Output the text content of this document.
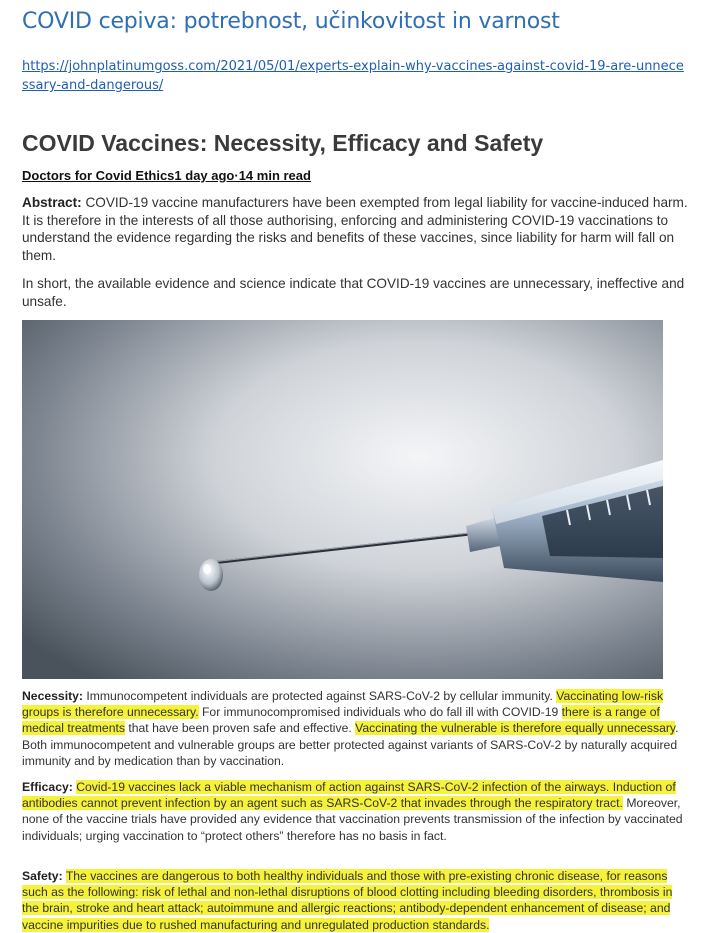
COVID cepiva: potrebnost, učinkovitost in varnost
https://johnplatinumgoss.com/2021/05/01/experts-explain-why-vaccines-against-covid-19-are-unnecessary-and-dangerous/
COVID Vaccines: Necessity, Efficacy and Safety
Doctors for Covid Ethics1 day ago·14 min read

Abstract: COVID-19 vaccine manufacturers have been exempted from legal liability for vaccine-induced harm. It is therefore in the interests of all those authorising, enforcing and administering COVID-19 vaccinations to understand the evidence regarding the risks and benefits of these vaccines, since liability for harm will fall on them.

In short, the available evidence and science indicate that COVID-19 vaccines are unnecessary, ineffective and unsafe.

Necessity: Immunocompetent individuals are protected against SARS-CoV-2 by cellular immunity. Vaccinating low-risk groups is therefore unnecessary. For immunocompromised individuals who do fall ill with COVID-19 there is a range of medical treatments that have been proven safe and effective. Vaccinating the vulnerable is therefore equally unnecessary. Both immunocompetent and vulnerable groups are better protected against variants of SARS-CoV-2 by naturally acquired immunity and by medication than by vaccination.

Efficacy: Covid-19 vaccines lack a viable mechanism of action against SARS-CoV-2 infection of the airways. Induction of antibodies cannot prevent infection by an agent such as SARS-CoV-2 that invades through the respiratory tract. Moreover, none of the vaccine trials have provided any evidence that vaccination prevents transmission of the infection by vaccinated individuals; urging vaccination to “protect others” therefore has no basis in fact.

Safety: The vaccines are dangerous to both healthy individuals and those with pre-existing chronic disease, for reasons such as the following: risk of lethal and non-lethal disruptions of blood clotting including bleeding disorders, thrombosis in the brain, stroke and heart attack; autoimmune and allergic reactions; antibody-dependent enhancement of disease; and vaccine impurities due to rushed manufacturing and unregulated production standards.
